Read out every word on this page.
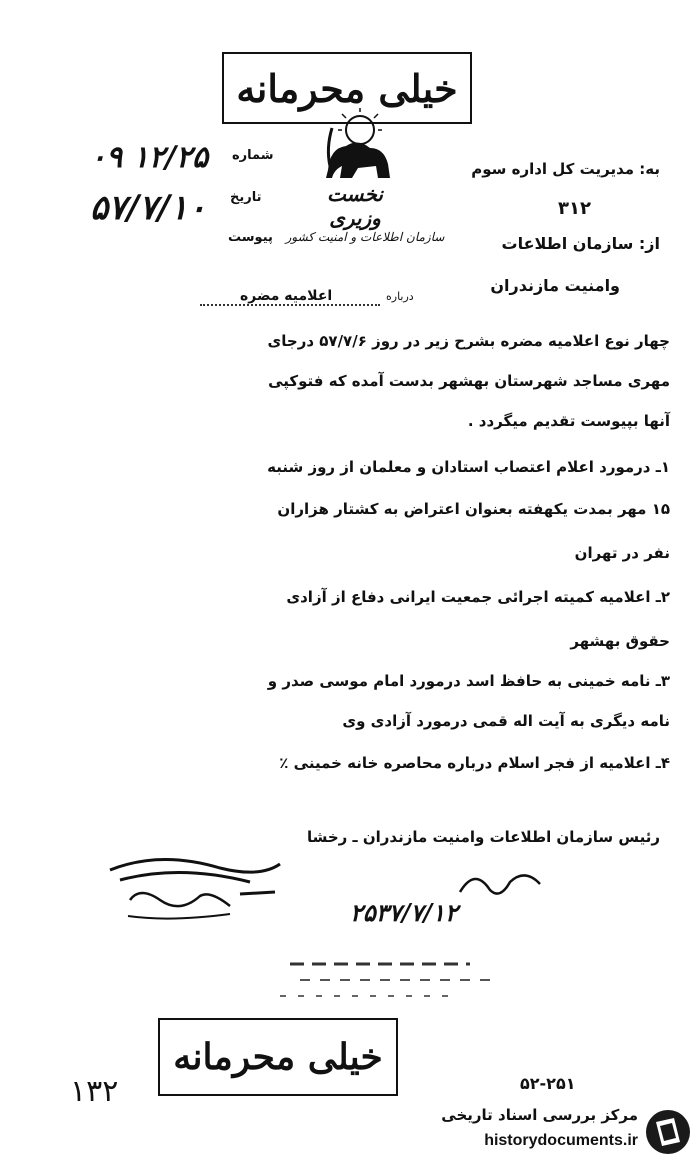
خیلی محرمانه
نخست وزیری
سازمان اطلاعات و امنیت کشور
به: مدیریت کل اداره سوم
۳۱۲
شماره
۰۹ ۱۲/۲۵
تاریخ
۵۷/۷/۱۰
پیوست	از: سازمان اطلاعات
وامنیت مازندران
درباره
اعلامیه مضره
چهار نوع اعلامیه مضره بشرح زیر در روز ۵۷/۷/۶ درجای
مهری مساجد شهرستان بهشهر بدست آمده که فتوکپی
آنها بپیوست تقدیم میگردد .
۱ـ درمورد اعلام اعتصاب استادان و معلمان از روز شنبه
۱۵ مهر بمدت یکهفته بعنوان اعتراض به کشتار هزاران
نفر در تهران
۲ـ اعلامیه کمیته اجرائی جمعیت ایرانی دفاع از آزادی
حقوق بهشهر
۳ـ نامه خمینی به حافظ اسد درمورد امام موسی صدر و
نامه دیگری به آیت اله قمی درمورد آزادی وی
۴ـ اعلامیه از فجر اسلام درباره محاصره خانه خمینی ٪
رئیس سازمان اطلاعات وامنیت مازندران ـ رخشا
۲۵۳۷/۷/۱۲
خیلی محرمانه
۱۳۲	۵۲-۲۵۱
مرکز بررسی اسناد تاریخی
historydocuments.ir
